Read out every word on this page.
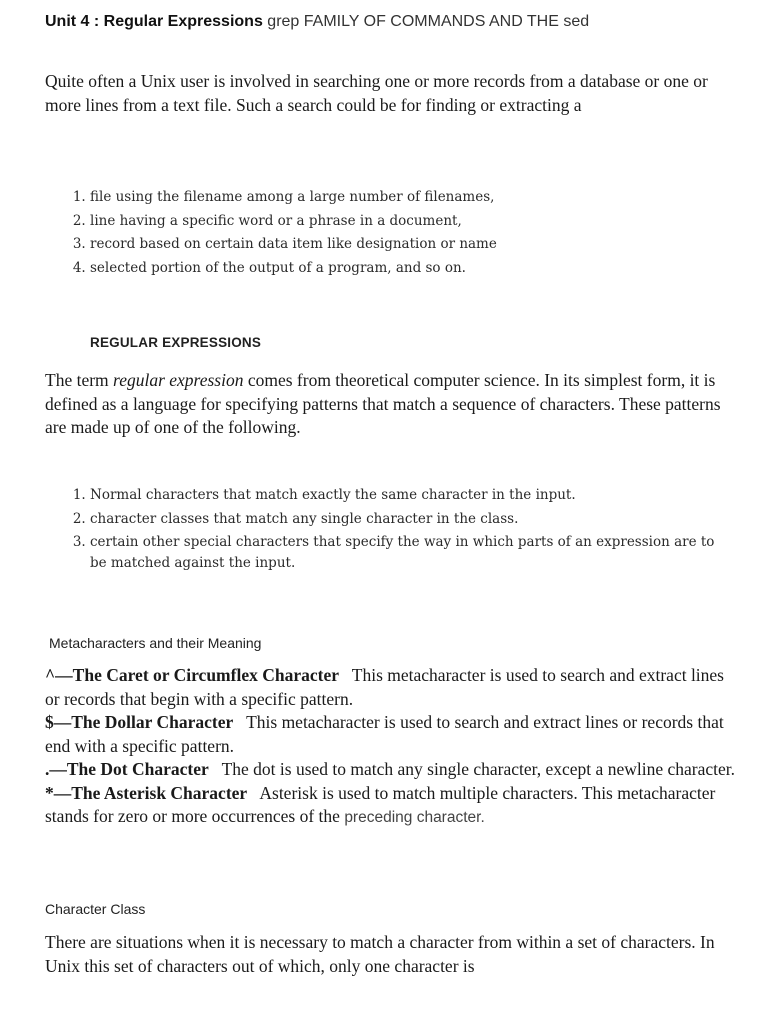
Unit 4 : Regular Expressions grep FAMILY OF COMMANDS AND THE sed

Quite often a Unix user is involved in searching one or more records from a database or one or more lines from a text file. Such a search could be for finding or extracting a

1. file using the filename among a large number of filenames,
2. line having a specific word or a phrase in a document,
3. record based on certain data item like designation or name
4. selected portion of the output of a program, and so on.
REGULAR EXPRESSIONS

The term regular expression comes from theoretical computer science. In its simplest form, it is defined as a language for specifying patterns that match a sequence of characters. These patterns are made up of one of the following.

1. Normal characters that match exactly the same character in the input.
2. character classes that match any single character in the class.
3. certain other special characters that specify the way in which parts of an expression are to be matched against the input.
Metacharacters and their Meaning
^—The Caret or Circumflex Character This metacharacter is used to search and extract lines or records that begin with a specific pattern.
$—The Dollar Character This metacharacter is used to search and extract lines or records that end with a specific pattern.
.—The Dot Character The dot is used to match any single character, except a newline character.
*—The Asterisk Character Asterisk is used to match multiple characters. This metacharacter stands for zero or more occurrences of the preceding character.
Character Class

There are situations when it is necessary to match a character from within a set of characters. In Unix this set of characters out of which, only one character is
